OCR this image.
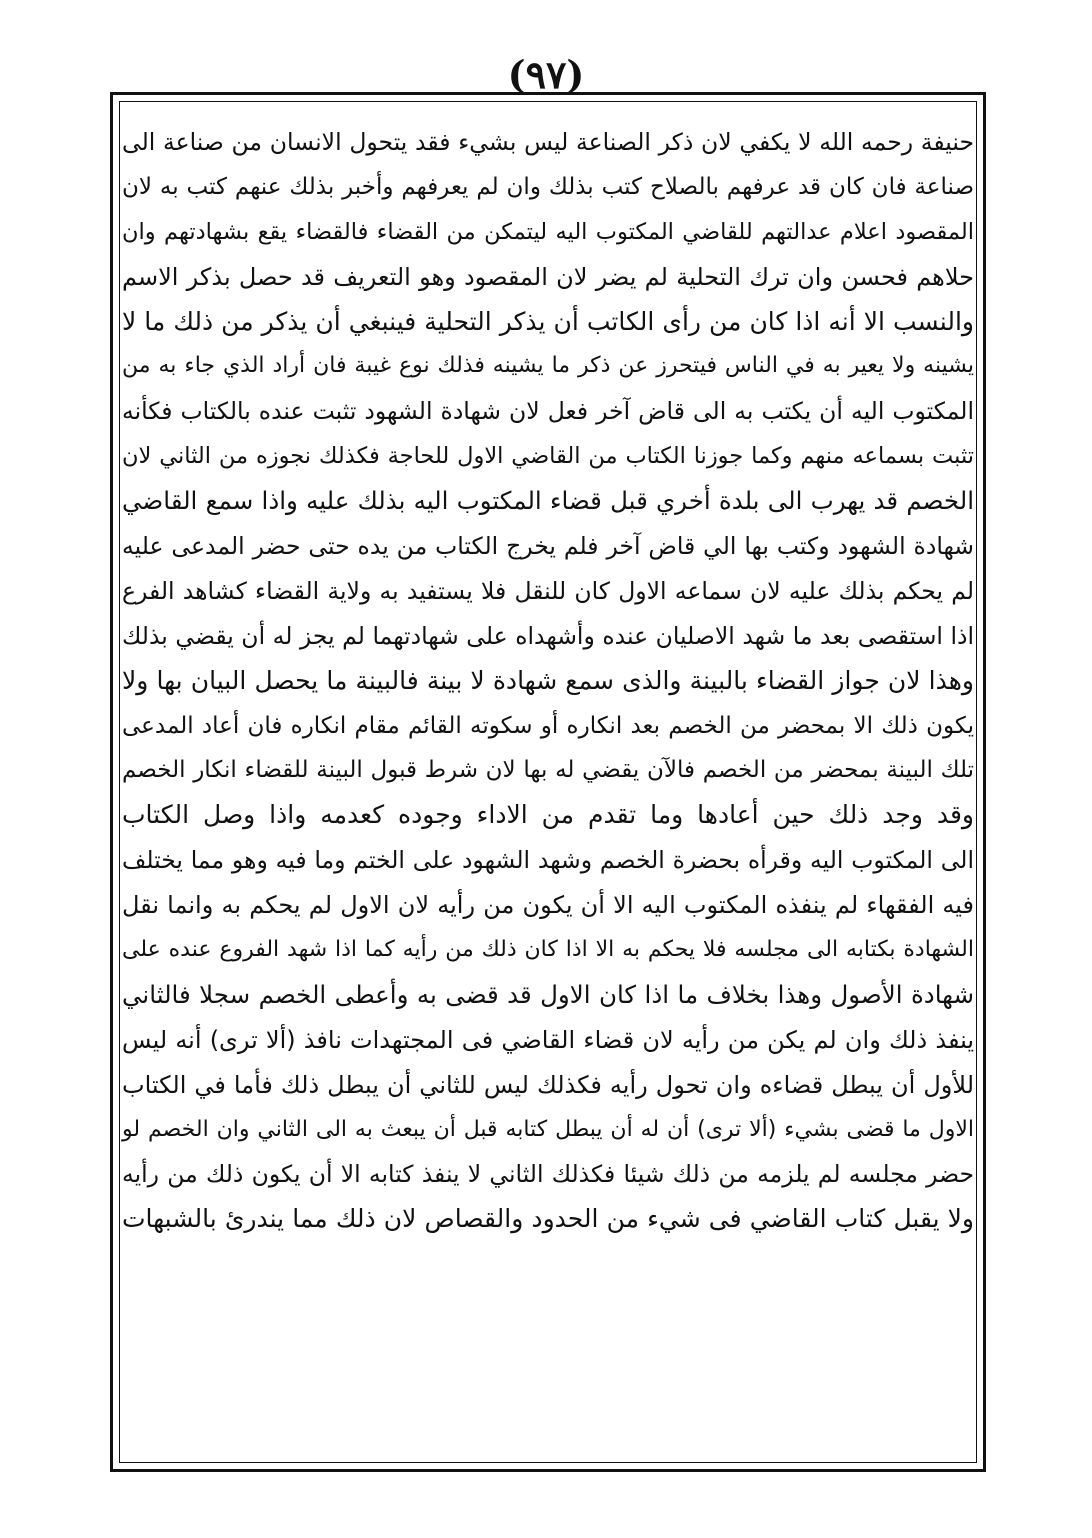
(٩٧)
حنيفة رحمه الله لا يكفي لان ذكر الصناعة ليس بشيء فقد يتحول الانسان من صناعة الى
صناعة فان كان قد عرفهم بالصلاح كتب بذلك وان لم يعرفهم وأخبر بذلك عنهم كتب به لان
المقصود اعلام عدالتهم للقاضي المكتوب اليه ليتمكن من القضاء فالقضاء يقع بشهادتهم وان
حلاهم فحسن وان ترك التحلية لم يضر لان المقصود وهو التعريف قد حصل بذكر الاسم
والنسب الا أنه اذا كان من رأى الكاتب أن يذكر التحلية فينبغي أن يذكر من ذلك ما لا
يشينه ولا يعير به في الناس فيتحرز عن ذكر ما يشينه فذلك نوع غيبة فان أراد الذي جاء به من
المكتوب اليه أن يكتب به الى قاض آخر فعل لان شهادة الشهود تثبت عنده بالكتاب فكأنه
تثبت بسماعه منهم وكما جوزنا الكتاب من القاضي الاول للحاجة فكذلك نجوزه من الثاني لان
الخصم قد يهرب الى بلدة أخري قبل قضاء المكتوب اليه بذلك عليه واذا سمع القاضي
شهادة الشهود وكتب بها الي قاض آخر فلم يخرج الكتاب من يده حتى حضر المدعى عليه
لم يحكم بذلك عليه لان سماعه الاول كان للنقل فلا يستفيد به ولاية القضاء كشاهد الفرع
اذا استقصى بعد ما شهد الاصليان عنده وأشهداه على شهادتهما لم يجز له أن يقضي بذلك
وهذا لان جواز القضاء بالبينة والذى سمع شهادة لا بينة فالبينة ما يحصل البيان بها ولا
يكون ذلك الا بمحضر من الخصم بعد انكاره أو سكوته القائم مقام انكاره فان أعاد المدعى
تلك البينة بمحضر من الخصم فالآن يقضي له بها لان شرط قبول البينة للقضاء انكار الخصم
وقد وجد ذلك حين أعادها وما تقدم من الاداء وجوده كعدمه واذا وصل الكتاب
الى المكتوب اليه وقرأه بحضرة الخصم وشهد الشهود على الختم وما فيه وهو مما يختلف
فيه الفقهاء لم ينفذه المكتوب اليه الا أن يكون من رأيه لان الاول لم يحكم به وانما نقل
الشهادة بكتابه الى مجلسه فلا يحكم به الا اذا كان ذلك من رأيه كما اذا شهد الفروع عنده على
شهادة الأصول وهذا بخلاف ما اذا كان الاول قد قضى به وأعطى الخصم سجلا فالثاني
ينفذ ذلك وان لم يكن من رأيه لان قضاء القاضي فى المجتهدات نافذ (ألا ترى) أنه ليس
للأول أن يبطل قضاءه وان تحول رأيه فكذلك ليس للثاني أن يبطل ذلك فأما في الكتاب
الاول ما قضى بشيء (ألا ترى) أن له أن يبطل كتابه قبل أن يبعث به الى الثاني وان الخصم لو
حضر مجلسه لم يلزمه من ذلك شيئا فكذلك الثاني لا ينفذ كتابه الا أن يكون ذلك من رأيه
ولا يقبل كتاب القاضي فى شيء من الحدود والقصاص لان ذلك مما يندرئ بالشبهات
